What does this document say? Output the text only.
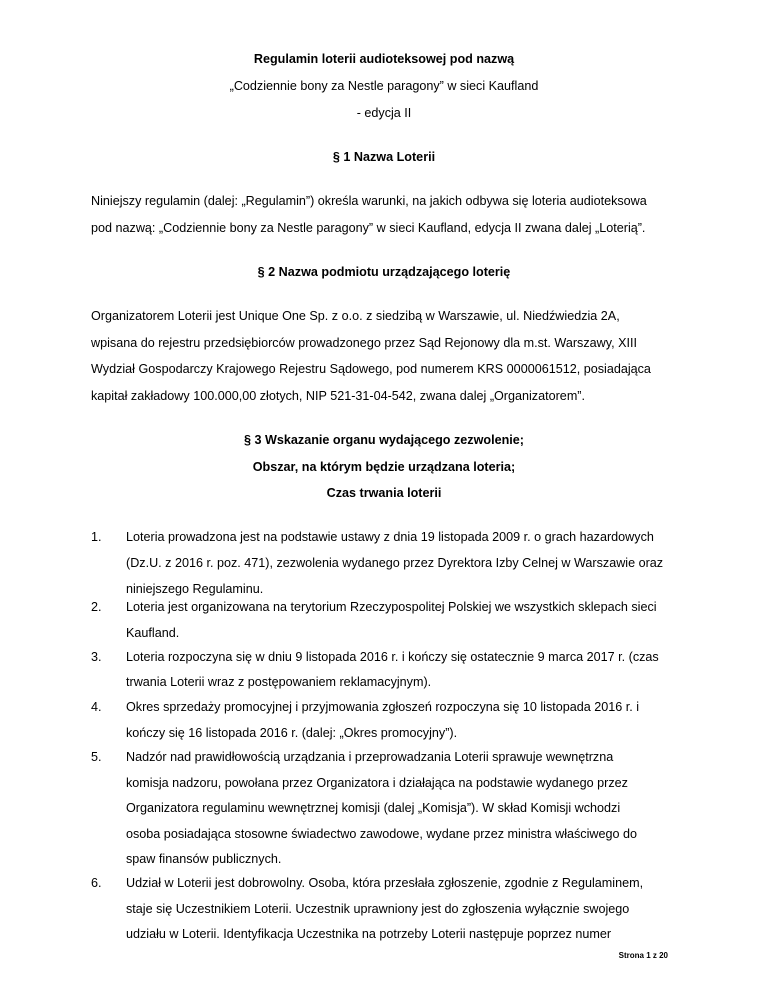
Regulamin loterii audioteksowej pod nazwą
„Codziennie bony za Nestle paragony” w sieci Kaufland
- edycja II
§ 1 Nazwa Loterii
Niniejszy regulamin (dalej: „Regulamin”) określa warunki, na jakich odbywa się loteria audioteksowa
pod nazwą: „Codziennie bony za Nestle paragony” w sieci Kaufland, edycja II zwana dalej „Loterią”.
§ 2 Nazwa podmiotu urządzającego loterię
Organizatorem Loterii jest Unique One Sp. z o.o. z siedzibą w Warszawie, ul. Niedźwiedzia 2A,
wpisana do rejestru przedsiębiorców prowadzonego przez Sąd Rejonowy dla m.st. Warszawy, XIII
Wydział Gospodarczy Krajowego Rejestru Sądowego, pod numerem KRS 0000061512, posiadająca
kapitał zakładowy 100.000,00 złotych, NIP 521-31-04-542, zwana dalej „Organizatorem”.
§ 3 Wskazanie organu wydającego zezwolenie;
Obszar, na którym będzie urządzana loteria;
Czas trwania loterii
1.	Loteria prowadzona jest na podstawie ustawy z dnia 19 listopada 2009 r. o grach hazardowych
(Dz.U. z 2016 r. poz. 471), zezwolenia wydanego przez Dyrektora Izby Celnej w Warszawie oraz
niniejszego Regulaminu.
2.	Loteria jest organizowana na terytorium Rzeczypospolitej Polskiej we wszystkich sklepach sieci
Kaufland.
3.	Loteria rozpoczyna się w dniu 9 listopada 2016 r. i kończy się ostatecznie 9 marca 2017 r. (czas
trwania Loterii wraz z postępowaniem reklamacyjnym).
4.	Okres sprzedaży promocyjnej i przyjmowania zgłoszeń rozpoczyna się 10 listopada 2016 r. i
kończy się 16 listopada 2016 r. (dalej: „Okres promocyjny”).
5.	Nadzór nad prawidłowością urządzania i przeprowadzania Loterii sprawuje wewnętrzna
komisja nadzoru, powołana przez Organizatora i działająca na podstawie wydanego przez
Organizatora regulaminu wewnętrznej komisji (dalej „Komisja”). W skład Komisji wchodzi
osoba posiadająca stosowne świadectwo zawodowe, wydane przez ministra właściwego do
spaw finansów publicznych.
6.	Udział w Loterii jest dobrowolny. Osoba, która przesłała zgłoszenie, zgodnie z Regulaminem,
staje się Uczestnikiem Loterii. Uczestnik uprawniony jest do zgłoszenia wyłącznie swojego
udziału w Loterii. Identyfikacja Uczestnika na potrzeby Loterii następuje poprzez numer
Strona 1 z 20
